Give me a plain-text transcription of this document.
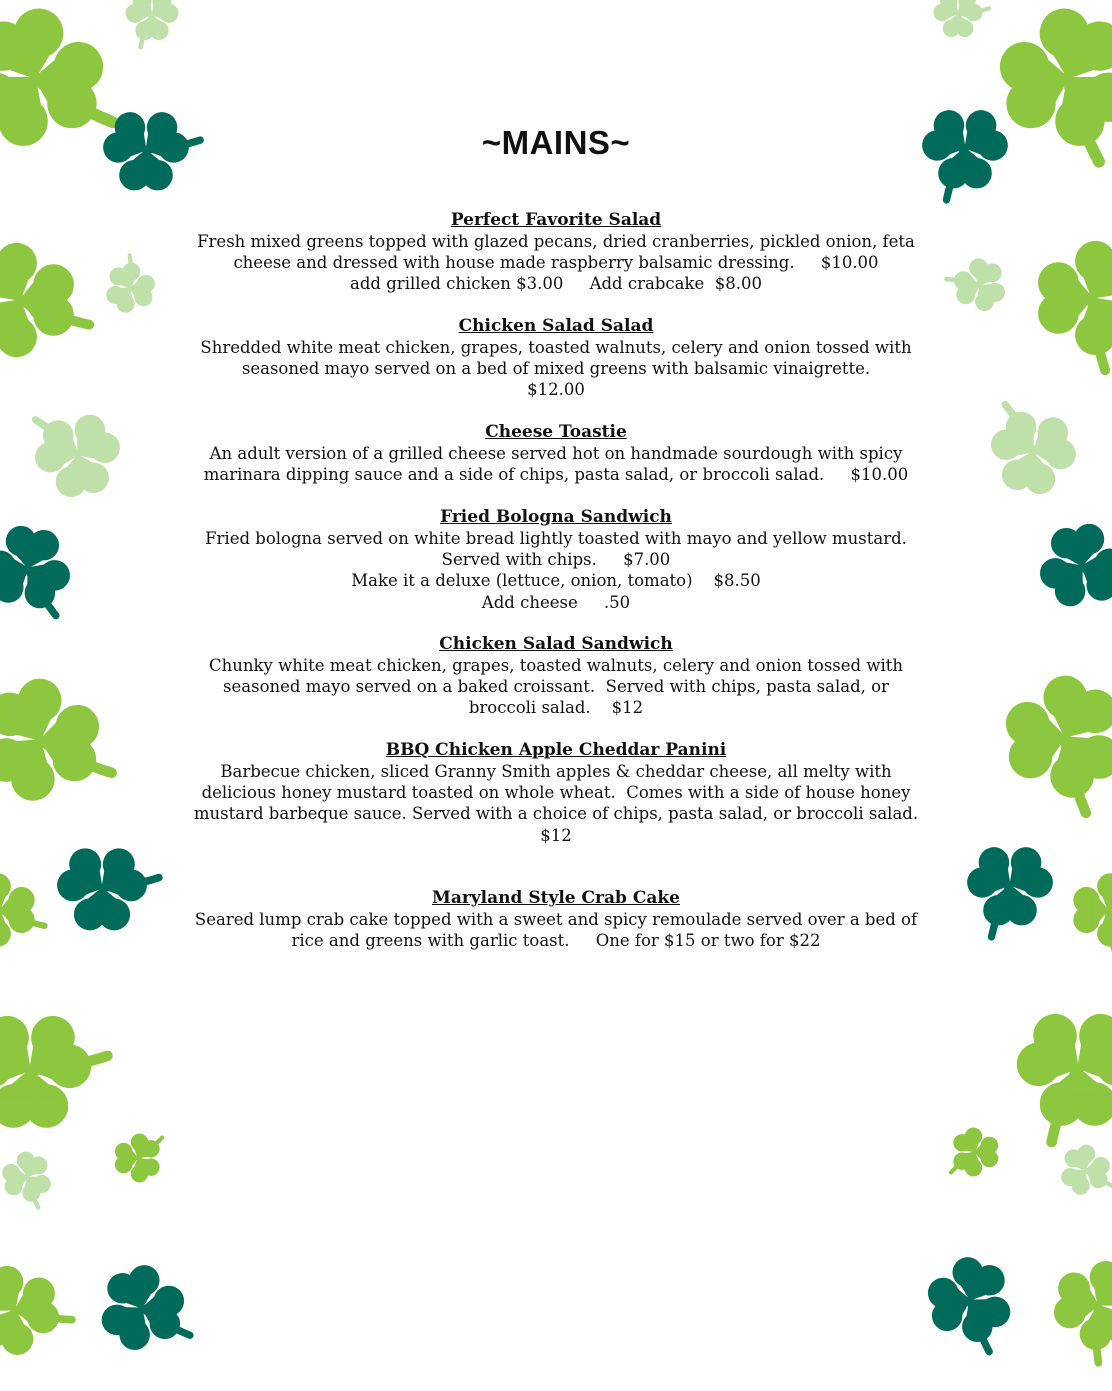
~MAINS~
Perfect Favorite Salad
Fresh mixed greens topped with glazed pecans, dried cranberries, pickled onion, feta
cheese and dressed with house made raspberry balsamic dressing.     $10.00
add grilled chicken $3.00     Add crabcake  $8.00
Chicken Salad Salad
Shredded white meat chicken, grapes, toasted walnuts, celery and onion tossed with
seasoned mayo served on a bed of mixed greens with balsamic vinaigrette.
$12.00
Cheese Toastie
An adult version of a grilled cheese served hot on handmade sourdough with spicy
marinara dipping sauce and a side of chips, pasta salad, or broccoli salad.     $10.00
Fried Bologna Sandwich
Fried bologna served on white bread lightly toasted with mayo and yellow mustard.
Served with chips.     $7.00
Make it a deluxe (lettuce, onion, tomato)    $8.50
Add cheese     .50
Chicken Salad Sandwich
Chunky white meat chicken, grapes, toasted walnuts, celery and onion tossed with
seasoned mayo served on a baked croissant.  Served with chips, pasta salad, or
broccoli salad.    $12
BBQ Chicken Apple Cheddar Panini
Barbecue chicken, sliced Granny Smith apples & cheddar cheese, all melty with
delicious honey mustard toasted on whole wheat.  Comes with a side of house honey
mustard barbeque sauce. Served with a choice of chips, pasta salad, or broccoli salad.
$12
Maryland Style Crab Cake
Seared lump crab cake topped with a sweet and spicy remoulade served over a bed of
rice and greens with garlic toast.     One for $15 or two for $22
